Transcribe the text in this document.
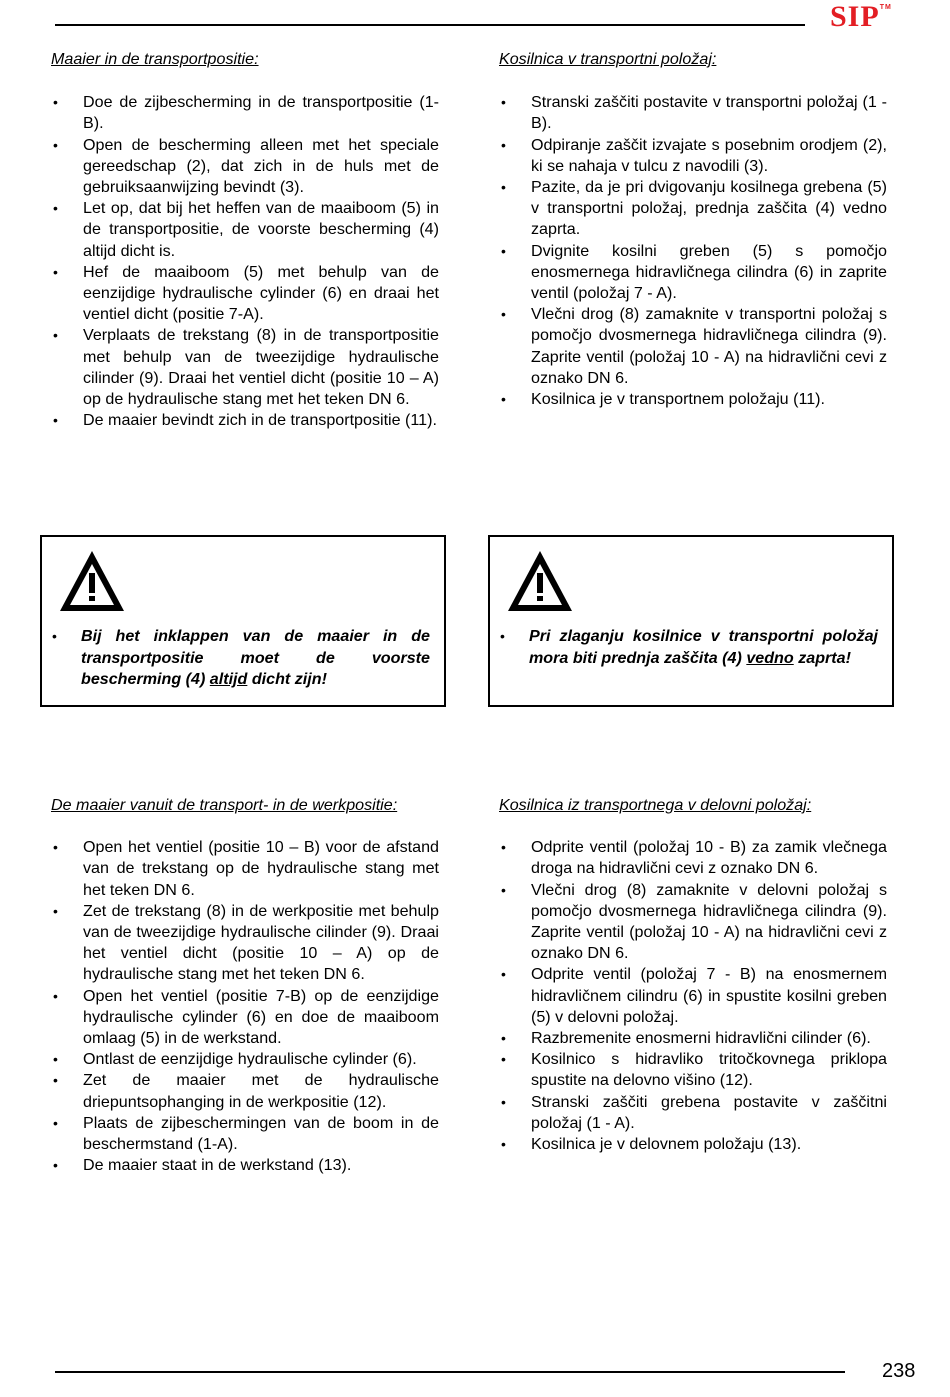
SIP™

Maaier in de transportpositie:

• Doe de zijbescherming in de transportpositie (1-B).
• Open de bescherming alleen met het speciale gereedschap (2), dat zich in de huls met de gebruiksaanwijzing bevindt (3).
• Let op, dat bij het heffen van de maaiboom (5) in de transportpositie, de voorste bescherming (4) altijd dicht is.
• Hef de maaiboom (5) met behulp van de eenzijdige hydraulische cylinder (6) en draai het ventiel dicht (positie 7-A).
• Verplaats de trekstang (8) in de transportpositie met behulp van de tweezijdige hydraulische cilinder (9). Draai het ventiel dicht (positie 10 – A) op de hydraulische stang met het teken DN 6.
• De maaier bevindt zich in de transportpositie (11).

Kosilnica v transportni položaj:

• Stranski zaščiti postavite v transportni položaj (1 - B).
• Odpiranje zaščit izvajate s posebnim orodjem (2), ki se nahaja v tulcu z navodili (3).
• Pazite, da je pri dvigovanju kosilnega grebena (5) v transportni položaj, prednja zaščita (4) vedno zaprta.
• Dvignite kosilni greben (5) s pomočjo enosmernega hidravličnega cilindra (6) in zaprite ventil (položaj 7 - A).
• Vlečni drog (8) zamaknite v transportni položaj s pomočjo dvosmernega hidravličnega cilindra (9). Zaprite ventil (položaj 10 - A) na hidravlični cevi z oznako DN 6.
• Kosilnica je v transportnem položaju (11).
• Bij het inklappen van de maaier in de transportpositie moet de voorste bescherming (4) altijd dicht zijn!
• Pri zlaganju kosilnice v transportni položaj mora biti prednja zaščita (4) vedno zaprta!

De maaier vanuit de transport- in de werkpositie:

• Open het ventiel (positie 10 – B) voor de afstand van de trekstang op de hydraulische stang met het teken DN 6.
• Zet de trekstang (8) in de werkpositie met behulp van de tweezijdige hydraulische cilinder (9). Draai het ventiel dicht (positie 10 – A) op de hydraulische stang met het teken DN 6.
• Open het ventiel (positie 7-B) op de eenzijdige hydraulische cylinder (6) en doe de maaiboom omlaag (5) in de werkstand.
• Ontlast de eenzijdige hydraulische cylinder (6).
• Zet de maaier met de hydraulische driepuntsophanging in de werkpositie (12).
• Plaats de zijbeschermingen van de boom in de beschermstand (1-A).
• De maaier staat in de werkstand (13).

Kosilnica iz transportnega v delovni položaj:

• Odprite ventil (položaj 10 - B) za zamik vlečnega droga na hidravlični cevi z oznako DN 6.
• Vlečni drog (8) zamaknite v delovni položaj s pomočjo dvosmernega hidravličnega cilindra (9). Zaprite ventil (položaj 10 - A) na hidravlični cevi z oznako DN 6.
• Odprite ventil (položaj 7 - B) na enosmernem hidravličnem cilindru (6) in spustite kosilni greben (5) v delovni položaj.
• Razbremenite enosmerni hidravlični cilinder (6).
• Kosilnico s hidravliko tritočkovnega priklopa spustite na delovno višino (12).
• Stranski zaščiti grebena postavite v zaščitni položaj (1 - A).
• Kosilnica je v delovnem položaju (13).
238
